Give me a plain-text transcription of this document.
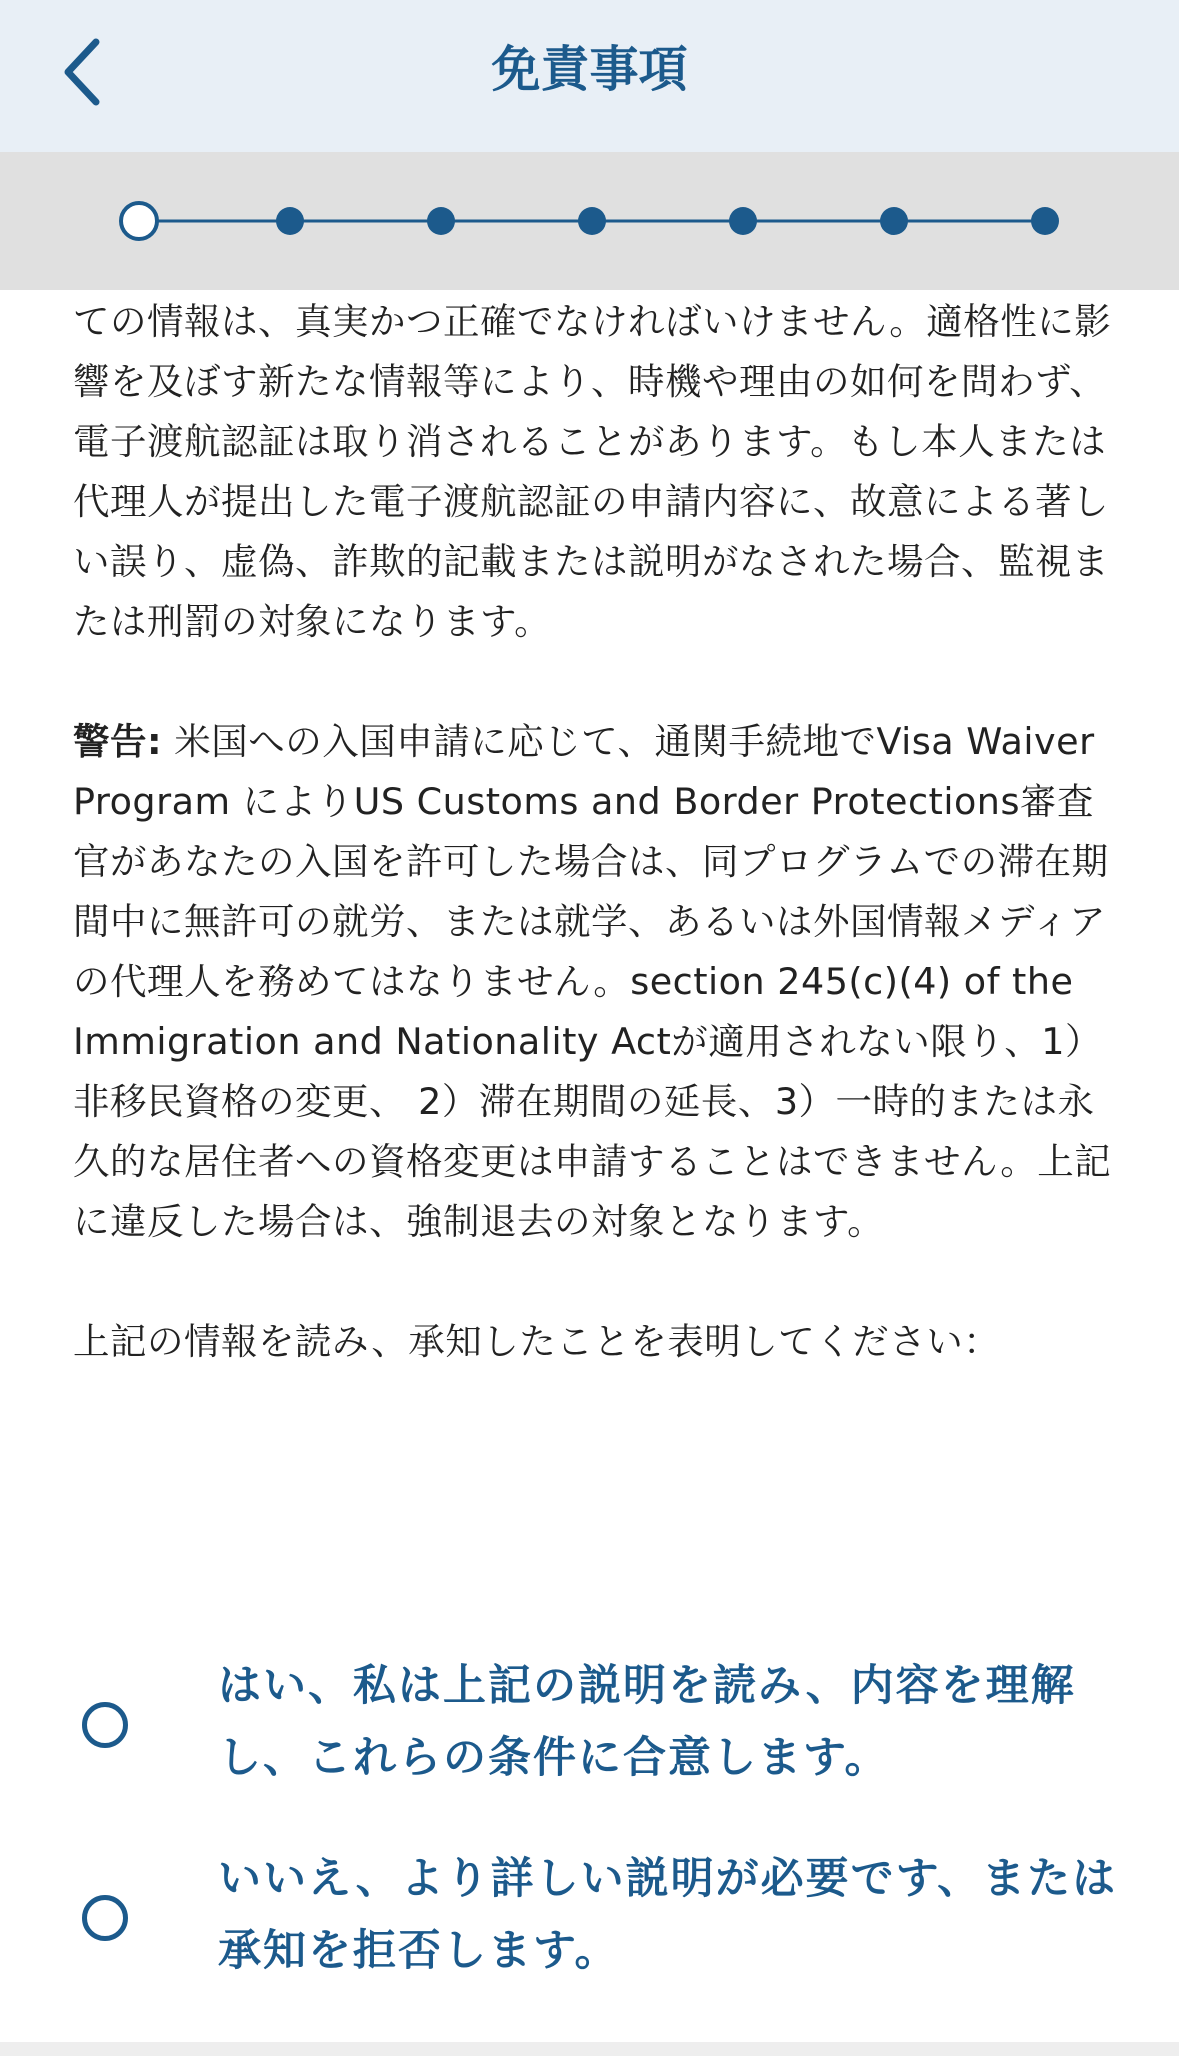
免責事項

ての情報は、真実かつ正確でなければいけません。適格性に影響を及ぼす新たな情報等により、時機や理由の如何を問わず、電子渡航認証は取り消されることがあります。もし本人または代理人が提出した電子渡航認証の申請内容に、故意による著しい誤り、虚偽、詐欺的記載または説明がなされた場合、監視または刑罰の対象になります。

警告: 米国への入国申請に応じて、通関手続地でVisa Waiver Program によりUS Customs and Border Protections審査官があなたの入国を許可した場合は、同プログラムでの滞在期間中に無許可の就労、または就学、あるいは外国情報メディアの代理人を務めてはなりません。section 245(c)(4) of the Immigration and Nationality Actが適用されない限り、1）非移民資格の変更、 2）滞在期間の延長、3）一時的または永久的な居住者への資格変更は申請することはできません。上記に違反した場合は、強制退去の対象となります。

上記の情報を読み、承知したことを表明してください：

はい、私は上記の説明を読み、内容を理解し、これらの条件に合意します。
いいえ、より詳しい説明が必要です、または承知を拒否します。
